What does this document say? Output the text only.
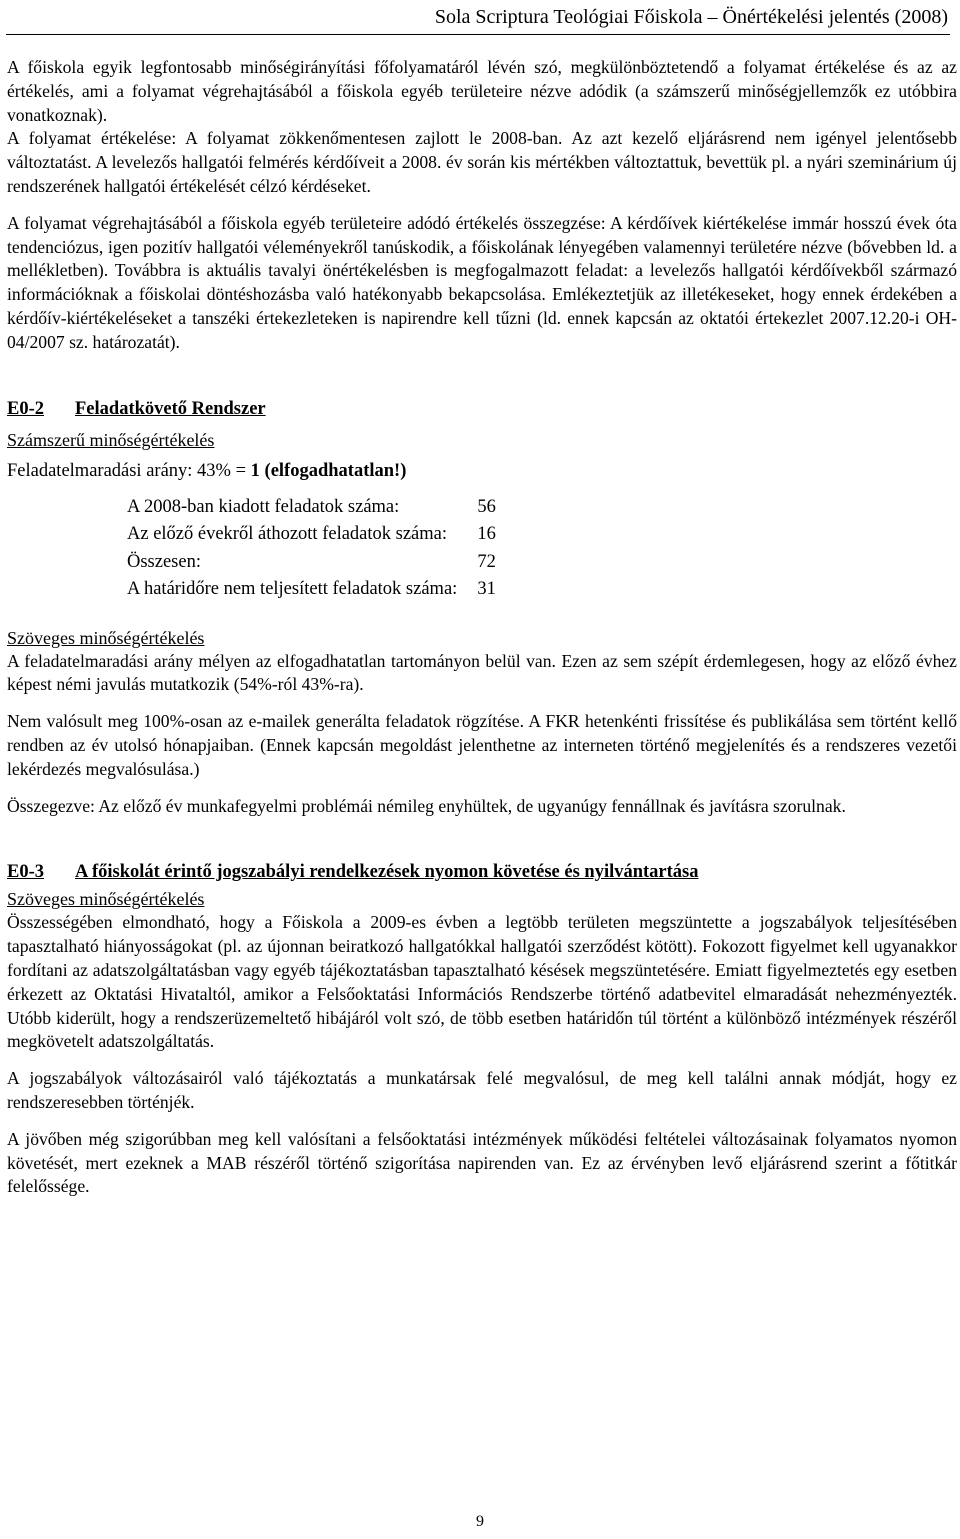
Sola Scriptura Teológiai Főiskola – Önértékelési jelentés (2008)

A főiskola egyik legfontosabb minőségirányítási főfolyamatáról lévén szó, megkülönböztetendő a folyamat értékelése és az az értékelés, ami a folyamat végrehajtásából a főiskola egyéb területeire nézve adódik (a számszerű minőségjellemzők ez utóbbira vonatkoznak).

A folyamat értékelése: A folyamat zökkenőmentesen zajlott le 2008-ban. Az azt kezelő eljárásrend nem igényel jelentősebb változtatást. A levelezős hallgatói felmérés kérdőíveit a 2008. év során kis mértékben változtattuk, bevettük pl. a nyári szeminárium új rendszerének hallgatói értékelését célzó kérdéseket.

A folyamat végrehajtásából a főiskola egyéb területeire adódó értékelés összegzése: A kérdőívek kiértékelése immár hosszú évek óta tendenciózus, igen pozitív hallgatói véleményekről tanúskodik, a főiskolának lényegében valamennyi területére nézve (bővebben ld. a mellékletben). Továbbra is aktuális tavalyi önértékelésben is megfogalmazott feladat: a levelezős hallgatói kérdőívekből származó információknak a főiskolai döntéshozásba való hatékonyabb bekapcsolása. Emlékeztetjük az illetékeseket, hogy ennek érdekében a kérdőív-kiértékeléseket a tanszéki értekezleteken is napirendre kell tűzni (ld. ennek kapcsán az oktatói értekezlet 2007.12.20-i OH-04/2007 sz. határozatát).

E0-2 Feladatkövető Rendszer

Számszerű minőségértékelés

Feladatelmaradási arány: 43% = 1 (elfogadhatatlan!)

A 2008-ban kiadott feladatok száma:	56
Az előző évekről áthozott feladatok száma:	16
Összesen:	72
A határidőre nem teljesített feladatok száma:	31

Szöveges minőségértékelés

A feladatelmaradási arány mélyen az elfogadhatatlan tartományon belül van. Ezen az sem szépít érdemlegesen, hogy az előző évhez képest némi javulás mutatkozik (54%-ról 43%-ra).

Nem valósult meg 100%-osan az e-mailek generálta feladatok rögzítése. A FKR hetenkénti frissítése és publikálása sem történt kellő rendben az év utolsó hónapjaiban. (Ennek kapcsán megoldást jelenthetne az interneten történő megjelenítés és a rendszeres vezetői lekérdezés megvalósulása.)

Összegezve: Az előző év munkafegyelmi problémái némileg enyhültek, de ugyanúgy fennállnak és javításra szorulnak.

E0-3 A főiskolát érintő jogszabályi rendelkezések nyomon követése és nyilvántartása

Szöveges minőségértékelés

Összességében elmondható, hogy a Főiskola a 2009-es évben a legtöbb területen megszüntette a jogszabályok teljesítésében tapasztalható hiányosságokat (pl. az újonnan beiratkozó hallgatókkal hallgatói szerződést kötött). Fokozott figyelmet kell ugyanakkor fordítani az adatszolgáltatásban vagy egyéb tájékoztatásban tapasztalható késések megszüntetésére. Emiatt figyelmeztetés egy esetben érkezett az Oktatási Hivataltól, amikor a Felsőoktatási Információs Rendszerbe történő adatbevitel elmaradását nehezményezték. Utóbb kiderült, hogy a rendszerüzemeltető hibájáról volt szó, de több esetben határidőn túl történt a különböző intézmények részéről megkövetelt adatszolgáltatás.

A jogszabályok változásairól való tájékoztatás a munkatársak felé megvalósul, de meg kell találni annak módját, hogy ez rendszeresebben történjék.

A jövőben még szigorúbban meg kell valósítani a felsőoktatási intézmények működési feltételei változásainak folyamatos nyomon követését, mert ezeknek a MAB részéről történő szigorítása napirenden van. Ez az érvényben levő eljárásrend szerint a főtitkár felelőssége.

9
